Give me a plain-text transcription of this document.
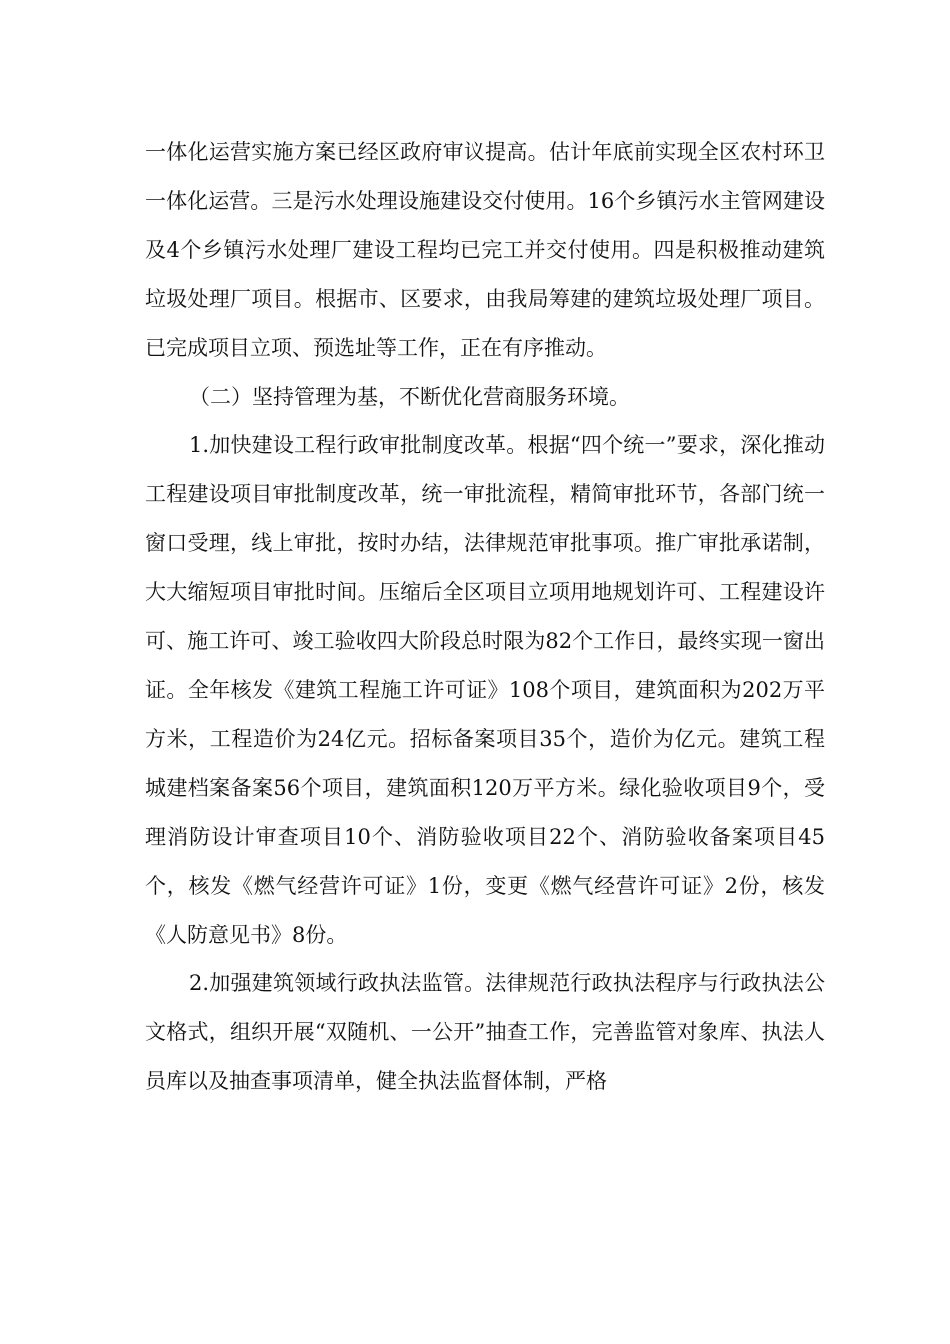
一体化运营实施方案已经区政府审议提高。估计年底前实现全区农村环卫一体化运营。三是污水处理设施建设交付使用。16个乡镇污水主管网建设及4个乡镇污水处理厂建设工程均已完工并交付使用。四是积极推动建筑垃圾处理厂项目。根据市、区要求，由我局筹建的建筑垃圾处理厂项目。已完成项目立项、预选址等工作，正在有序推动。

（二）坚持管理为基，不断优化营商服务环境。

1.加快建设工程行政审批制度改革。根据“四个统一”要求，深化推动工程建设项目审批制度改革，统一审批流程，精简审批环节，各部门统一窗口受理，线上审批，按时办结，法律规范审批事项。推广审批承诺制，大大缩短项目审批时间。压缩后全区项目立项用地规划许可、工程建设许可、施工许可、竣工验收四大阶段总时限为82个工作日，最终实现一窗出证。全年核发《建筑工程施工许可证》108个项目，建筑面积为202万平方米，工程造价为24亿元。招标备案项目35个，造价为亿元。建筑工程城建档案备案56个项目，建筑面积120万平方米。绿化验收项目9个，受理消防设计审查项目10个、消防验收项目22个、消防验收备案项目45个，核发《燃气经营许可证》1份，变更《燃气经营许可证》2份，核发《人防意见书》8份。

2.加强建筑领域行政执法监管。法律规范行政执法程序与行政执法公文格式，组织开展“双随机、一公开”抽查工作，完善监管对象库、执法人员库以及抽查事项清单，健全执法监督体制，严格
